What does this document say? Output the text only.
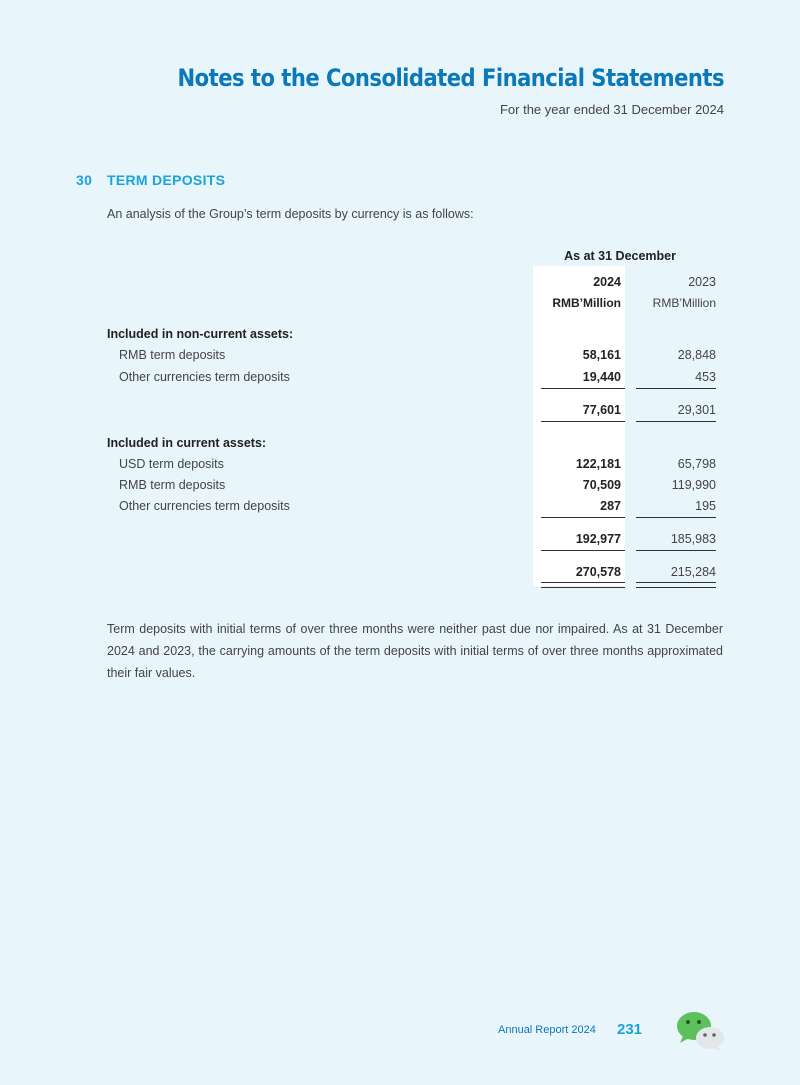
Notes to the Consolidated Financial Statements
For the year ended 31 December 2024
30 TERM DEPOSITS
An analysis of the Group’s term deposits by currency is as follows:
As at 31 December
2024	2023
RMB’Million	RMB’Million
Included in non-current assets:
RMB term deposits	58,161	28,848
Other currencies term deposits	19,440	453
77,601	29,301
Included in current assets:
USD term deposits	122,181	65,798
RMB term deposits	70,509	119,990
Other currencies term deposits	287	195
192,977	185,983
270,578	215,284
Term deposits with initial terms of over three months were neither past due nor impaired. As at 31 December 2024 and 2023, the carrying amounts of the term deposits with initial terms of over three months approximated their fair values.
Annual Report 2024 231
